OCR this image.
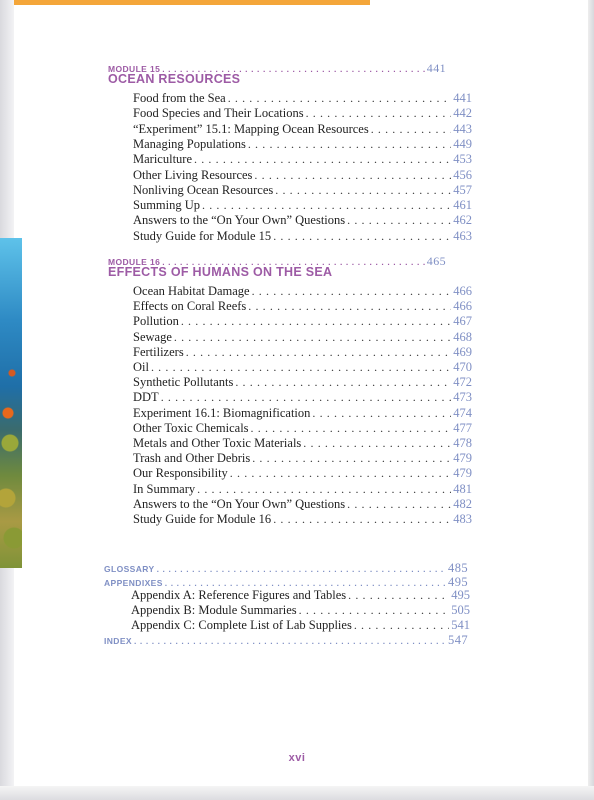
MODULE 15 . . .	441
OCEAN RESOURCES
Food from the Sea . . .	441
Food Species and Their Locations . . .	442
“Experiment” 15.1: Mapping Ocean Resources . . .	443
Managing Populations . . .	449
Mariculture . . .	453
Other Living Resources . . .	456
Nonliving Ocean Resources . . .	457
Summing Up . . .	461
Answers to the “On Your Own” Questions . . .	462
Study Guide for Module 15 . . .	463
MODULE 16 . . .	465
EFFECTS OF HUMANS ON THE SEA
Ocean Habitat Damage . . .	466
Effects on Coral Reefs . . .	466
Pollution . . .	467
Sewage . . .	468
Fertilizers . . .	469
Oil . . .	470
Synthetic Pollutants . . .	472
DDT . . .	473
Experiment 16.1: Biomagnification . . .	474
Other Toxic Chemicals . . .	477
Metals and Other Toxic Materials . . .	478
Trash and Other Debris . . .	479
Our Responsibility . . .	479
In Summary . . .	481
Answers to the “On Your Own” Questions . . .	482
Study Guide for Module 16 . . .	483
GLOSSARY . . .	485
APPENDIXES . . .	495
Appendix A: Reference Figures and Tables . . .	495
Appendix B: Module Summaries . . .	505
Appendix C: Complete List of Lab Supplies . . .	541
INDEX . . .	547
xvi
